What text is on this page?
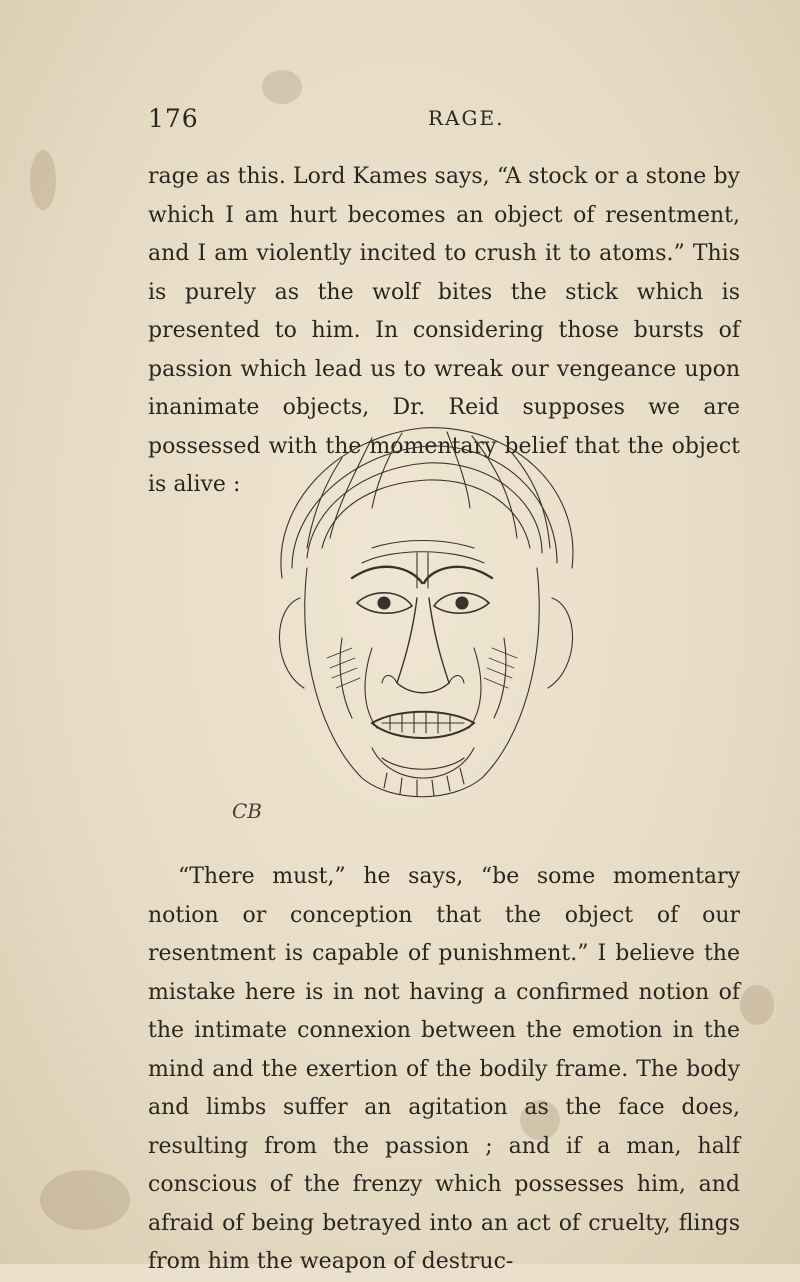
176	RAGE.

rage as this. Lord Kames says, “A stock or a stone by which I am hurt becomes an object of resentment, and I am violently incited to crush it to atoms.” This is purely as the wolf bites the stick which is presented to him. In considering those bursts of passion which lead us to wreak our vengeance upon inanimate objects, Dr. Reid supposes we are possessed with the momentary belief that the object is alive :

CB

“There must,” he says, “be some momentary notion or conception that the object of our resentment is capable of punishment.” I believe the mistake here is in not having a confirmed notion of the intimate connexion between the emotion in the mind and the exertion of the bodily frame. The body and limbs suffer an agitation as the face does, resulting from the passion ; and if a man, half conscious of the frenzy which possesses him, and afraid of being betrayed into an act of cruelty, flings from him the weapon of destruc-
